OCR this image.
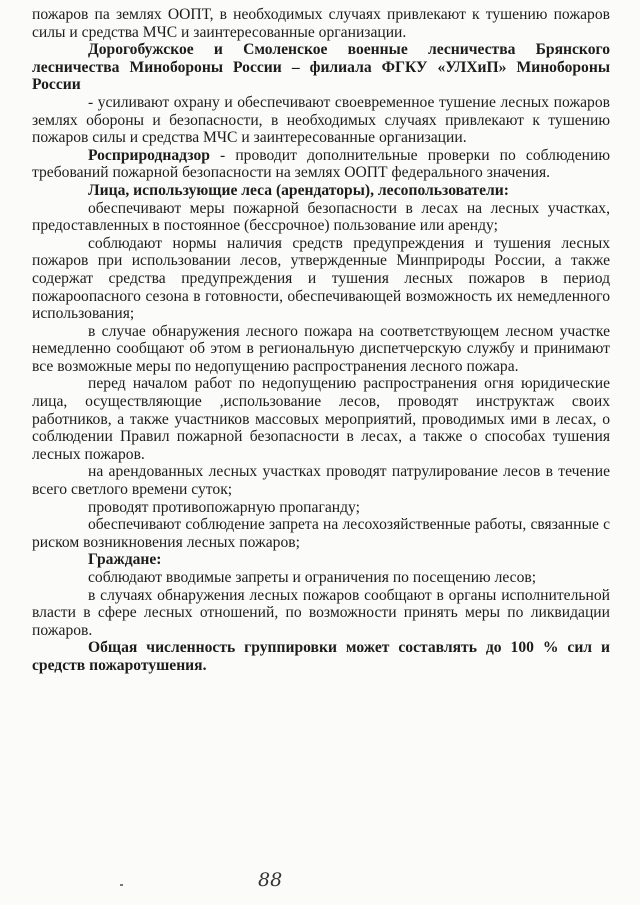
пожаров па землях ООПТ, в необходимых случаях привлекают к тушению пожаров силы и средства МЧС и заинтересованные организации.

Дорогобужское и Смоленское военные лесничества Брянского лесничества Минобороны России – филиала ФГКУ «УЛХиП» Минобороны России

- усиливают охрану и обеспечивают своевременное тушение лесных пожаров землях обороны и безопасности, в необходимых случаях привлекают к тушению пожаров силы и средства МЧС и заинтересованные организации.

Росприроднадзор - проводит дополнительные проверки по соблюдению требований пожарной безопасности на землях ООПТ федерального значения.

Лица, использующие леса (арендаторы), лесопользователи:

обеспечивают меры пожарной безопасности в лесах на лесных участках, предоставленных в постоянное (бессрочное) пользование или аренду;

соблюдают нормы наличия средств предупреждения и тушения лесных пожаров при использовании лесов, утвержденные Минприроды России, а также содержат средства предупреждения и тушения лесных пожаров в период пожароопасного сезона в готовности, обеспечивающей возможность их немедленного использования;

в случае обнаружения лесного пожара на соответствующем лесном участке немедленно сообщают об этом в региональную диспетчерскую службу и принимают все возможные меры по недопущению распространения лесного пожара.

перед началом работ по недопущению распространения огня юридические лица, осуществляющие ,использование лесов, проводят инструктаж своих работников, а также участников массовых мероприятий, проводимых ими в лесах, о соблюдении Правил пожарной безопасности в лесах, а также о способах тушения лесных пожаров.

на арендованных лесных участках проводят патрулирование лесов в течение всего светлого времени суток;

проводят противопожарную пропаганду;

обеспечивают соблюдение запрета на лесохозяйственные работы, связанные с риском возникновения лесных пожаров;

Граждане:

соблюдают вводимые запреты и ограничения по посещению лесов;

в случаях обнаружения лесных пожаров сообщают в органы исполнительной власти в сфере лесных отношений, по возможности принять меры по ликвидации пожаров.

Общая численность группировки может составлять до 100 % сил и средств пожаротушения.

88
